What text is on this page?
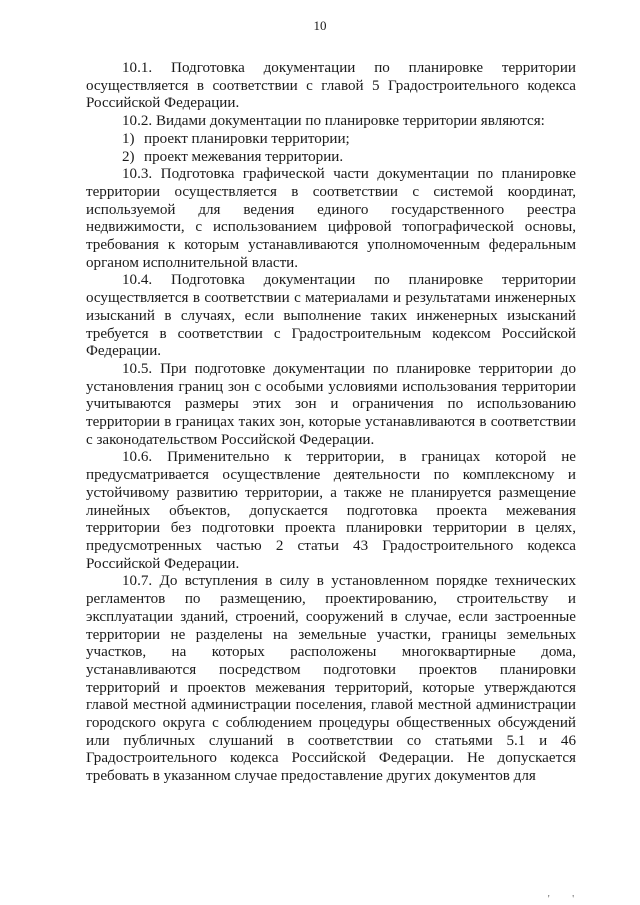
10

10.1. Подготовка документации по планировке территории осуществляется в соответствии с главой 5 Градостроительного кодекса Российской Федерации.

10.2. Видами документации по планировке территории являются:

1) проект планировки территории;
2) проект межевания территории.

10.3. Подготовка графической части документации по планировке территории осуществляется в соответствии с системой координат, используемой для ведения единого государственного реестра недвижимости, с использованием цифровой топографической основы, требования к которым устанавливаются уполномоченным федеральным органом исполнительной власти.

10.4. Подготовка документации по планировке территории осуществляется в соответствии с материалами и результатами инженерных изысканий в случаях, если выполнение таких инженерных изысканий требуется в соответствии с Градостроительным кодексом Российской Федерации.

10.5. При подготовке документации по планировке территории до установления границ зон с особыми условиями использования территории учитываются размеры этих зон и ограничения по использованию территории в границах таких зон, которые устанавливаются в соответствии с законодательством Российской Федерации.

10.6. Применительно к территории, в границах которой не предусматривается осуществление деятельности по комплексному и устойчивому развитию территории, а также не планируется размещение линейных объектов, допускается подготовка проекта межевания территории без подготовки проекта планировки территории в целях, предусмотренных частью 2 статьи 43 Градостроительного кодекса Российской Федерации.

10.7. До вступления в силу в установленном порядке технических регламентов по размещению, проектированию, строительству и эксплуатации зданий, строений, сооружений в случае, если застроенные территории не разделены на земельные участки, границы земельных участков, на которых расположены многоквартирные дома, устанавливаются посредством подготовки проектов планировки территорий и проектов межевания территорий, которые утверждаются главой местной администрации поселения, главой местной администрации городского округа с соблюдением процедуры общественных обсуждений или публичных слушаний в соответствии со статьями 5.1 и 46 Градостроительного кодекса Российской Федерации. Не допускается требовать в указанном случае предоставление других документов для

' '
